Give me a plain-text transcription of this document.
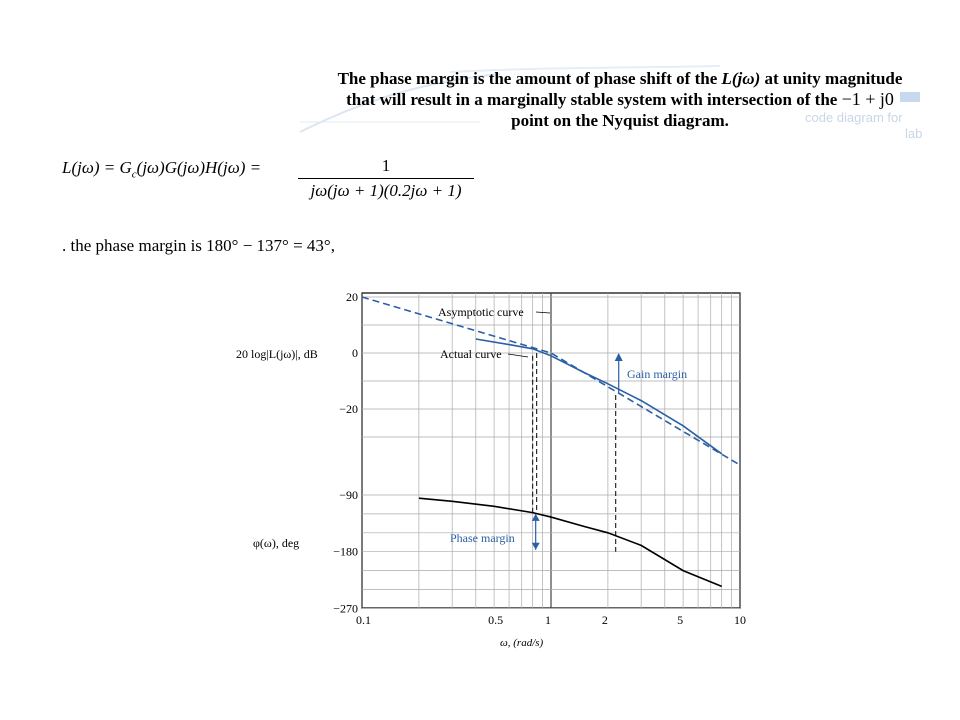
code diagram for
lab
The phase margin is the amount of phase shift of the L(jω) at unity magnitude
that will result in a marginally stable system with intersection of the −1 + j0
point on the Nyquist diagram.
$L(j\omega) = G_c(j\omega)G(j\omega)H(j\omega)$ =	1
jω(jω + 1)(0.2jω + 1)
. the phase margin is 180° − 137° = 43°,
20 log|L(jω)|, dB
φ(ω), deg
ω, (rad/s)
0.1	0.5	1	2	5	10
20
0
−20
−90
−180
−270
Asymptotic curve
Actual curve
Gain margin
Phase margin
